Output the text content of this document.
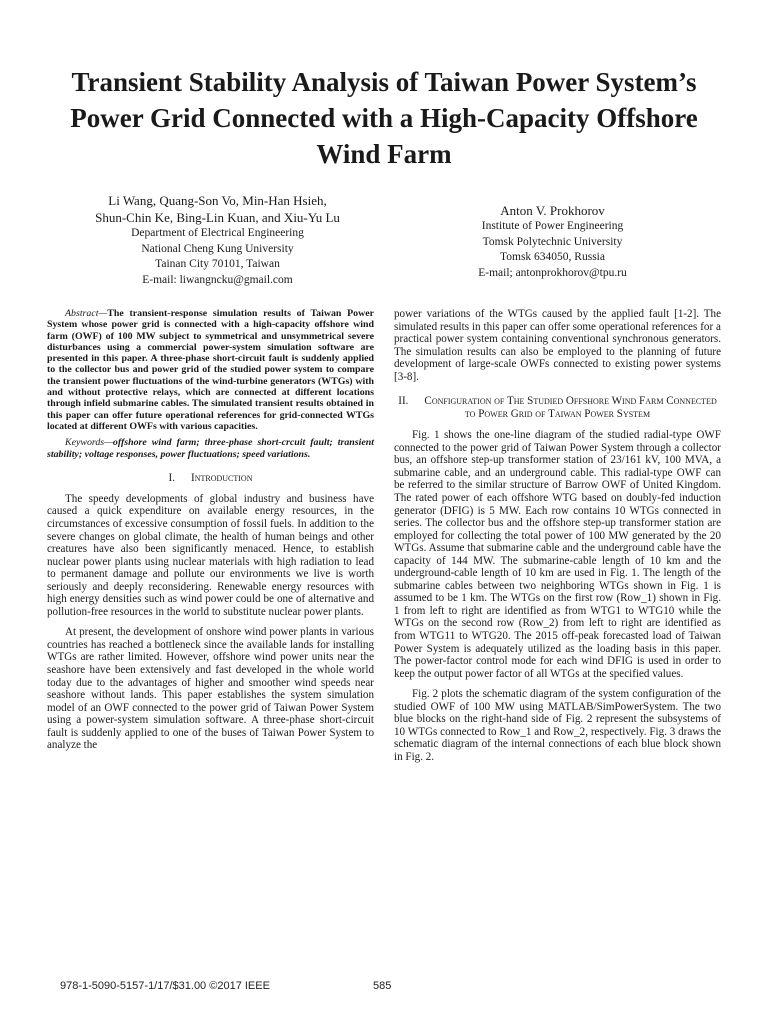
Transient Stability Analysis of Taiwan Power System’s Power Grid Connected with a High-Capacity Offshore Wind Farm
Li Wang, Quang-Son Vo, Min-Han Hsieh,
Shun-Chin Ke, Bing-Lin Kuan, and Xiu-Yu Lu
Department of Electrical Engineering
National Cheng Kung University
Tainan City 70101, Taiwan
E-mail: liwangncku@gmail.com
Anton V. Prokhorov
Institute of Power Engineering
Tomsk Polytechnic University
Tomsk 634050, Russia
E-mail; antonprokhorov@tpu.ru

Abstract—The transient-response simulation results of Taiwan Power System whose power grid is connected with a high-capacity offshore wind farm (OWF) of 100 MW subject to symmetrical and unsymmetrical severe disturbances using a commercial power-system simulation software are presented in this paper. A three-phase short-circuit fault is suddenly applied to the collector bus and power grid of the studied power system to compare the transient power fluctuations of the wind-turbine generators (WTGs) with and without protective relays, which are connected at different locations through infield submarine cables. The simulated transient results obtained in this paper can offer future operational references for grid-connected WTGs located at different OWFs with various capacities.

Keywords—offshore wind farm; three-phase short-crcuit fault; transient stability; voltage responses, power fluctuations; speed variations.

I. Introduction

The speedy developments of global industry and business have caused a quick expenditure on available energy resources, in the circumstances of excessive consumption of fossil fuels. In addition to the severe changes on global climate, the health of human beings and other creatures have also been significantly menaced. Hence, to establish nuclear power plants using nuclear materials with high radiation to lead to permanent damage and pollute our environments we live is worth seriously and deeply reconsidering. Renewable energy resources with high energy densities such as wind power could be one of alternative and pollution-free resources in the world to substitute nuclear power plants.

At present, the development of onshore wind power plants in various countries has reached a bottleneck since the available lands for installing WTGs are rather limited. However, offshore wind power units near the seashore have been extensively and fast developed in the whole world today due to the advantages of higher and smoother wind speeds near seashore without lands. This paper establishes the system simulation model of an OWF connected to the power grid of Taiwan Power System using a power-system simulation software. A three-phase short-circuit fault is suddenly applied to one of the buses of Taiwan Power System to analyze the

power variations of the WTGs caused by the applied fault [1-2]. The simulated results in this paper can offer some operational references for a practical power system containing conventional synchronous generators. The simulation results can also be employed to the planning of future development of large-scale OWFs connected to existing power systems [3-8].

II. Configuration of The Studied Offshore Wind Farm Connected to Power Grid of Taiwan Power System

Fig. 1 shows the one-line diagram of the studied radial-type OWF connected to the power grid of Taiwan Power System through a collector bus, an offshore step-up transformer station of 23/161 kV, 100 MVA, a submarine cable, and an underground cable. This radial-type OWF can be referred to the similar structure of Barrow OWF of United Kingdom. The rated power of each offshore WTG based on doubly-fed induction generator (DFIG) is 5 MW. Each row contains 10 WTGs connected in series. The collector bus and the offshore step-up transformer station are employed for collecting the total power of 100 MW generated by the 20 WTGs. Assume that submarine cable and the underground cable have the capacity of 144 MW. The submarine-cable length of 10 km and the underground-cable length of 10 km are used in Fig. 1. The length of the submarine cables between two neighboring WTGs shown in Fig. 1 is assumed to be 1 km. The WTGs on the first row (Row_1) shown in Fig. 1 from left to right are identified as from WTG1 to WTG10 while the WTGs on the second row (Row_2) from left to right are identified as from WTG11 to WTG20. The 2015 off-peak forecasted load of Taiwan Power System is adequately utilized as the loading basis in this paper. The power-factor control mode for each wind DFIG is used in order to keep the output power factor of all WTGs at the specified values.

Fig. 2 plots the schematic diagram of the system configuration of the studied OWF of 100 MW using MATLAB/SimPowerSystem. The two blue blocks on the right-hand side of Fig. 2 represent the subsystems of 10 WTGs connected to Row_1 and Row_2, respectively. Fig. 3 draws the schematic diagram of the internal connections of each blue block shown in Fig. 2.

978-1-5090-5157-1/17/$31.00 ©2017 IEEE	585
